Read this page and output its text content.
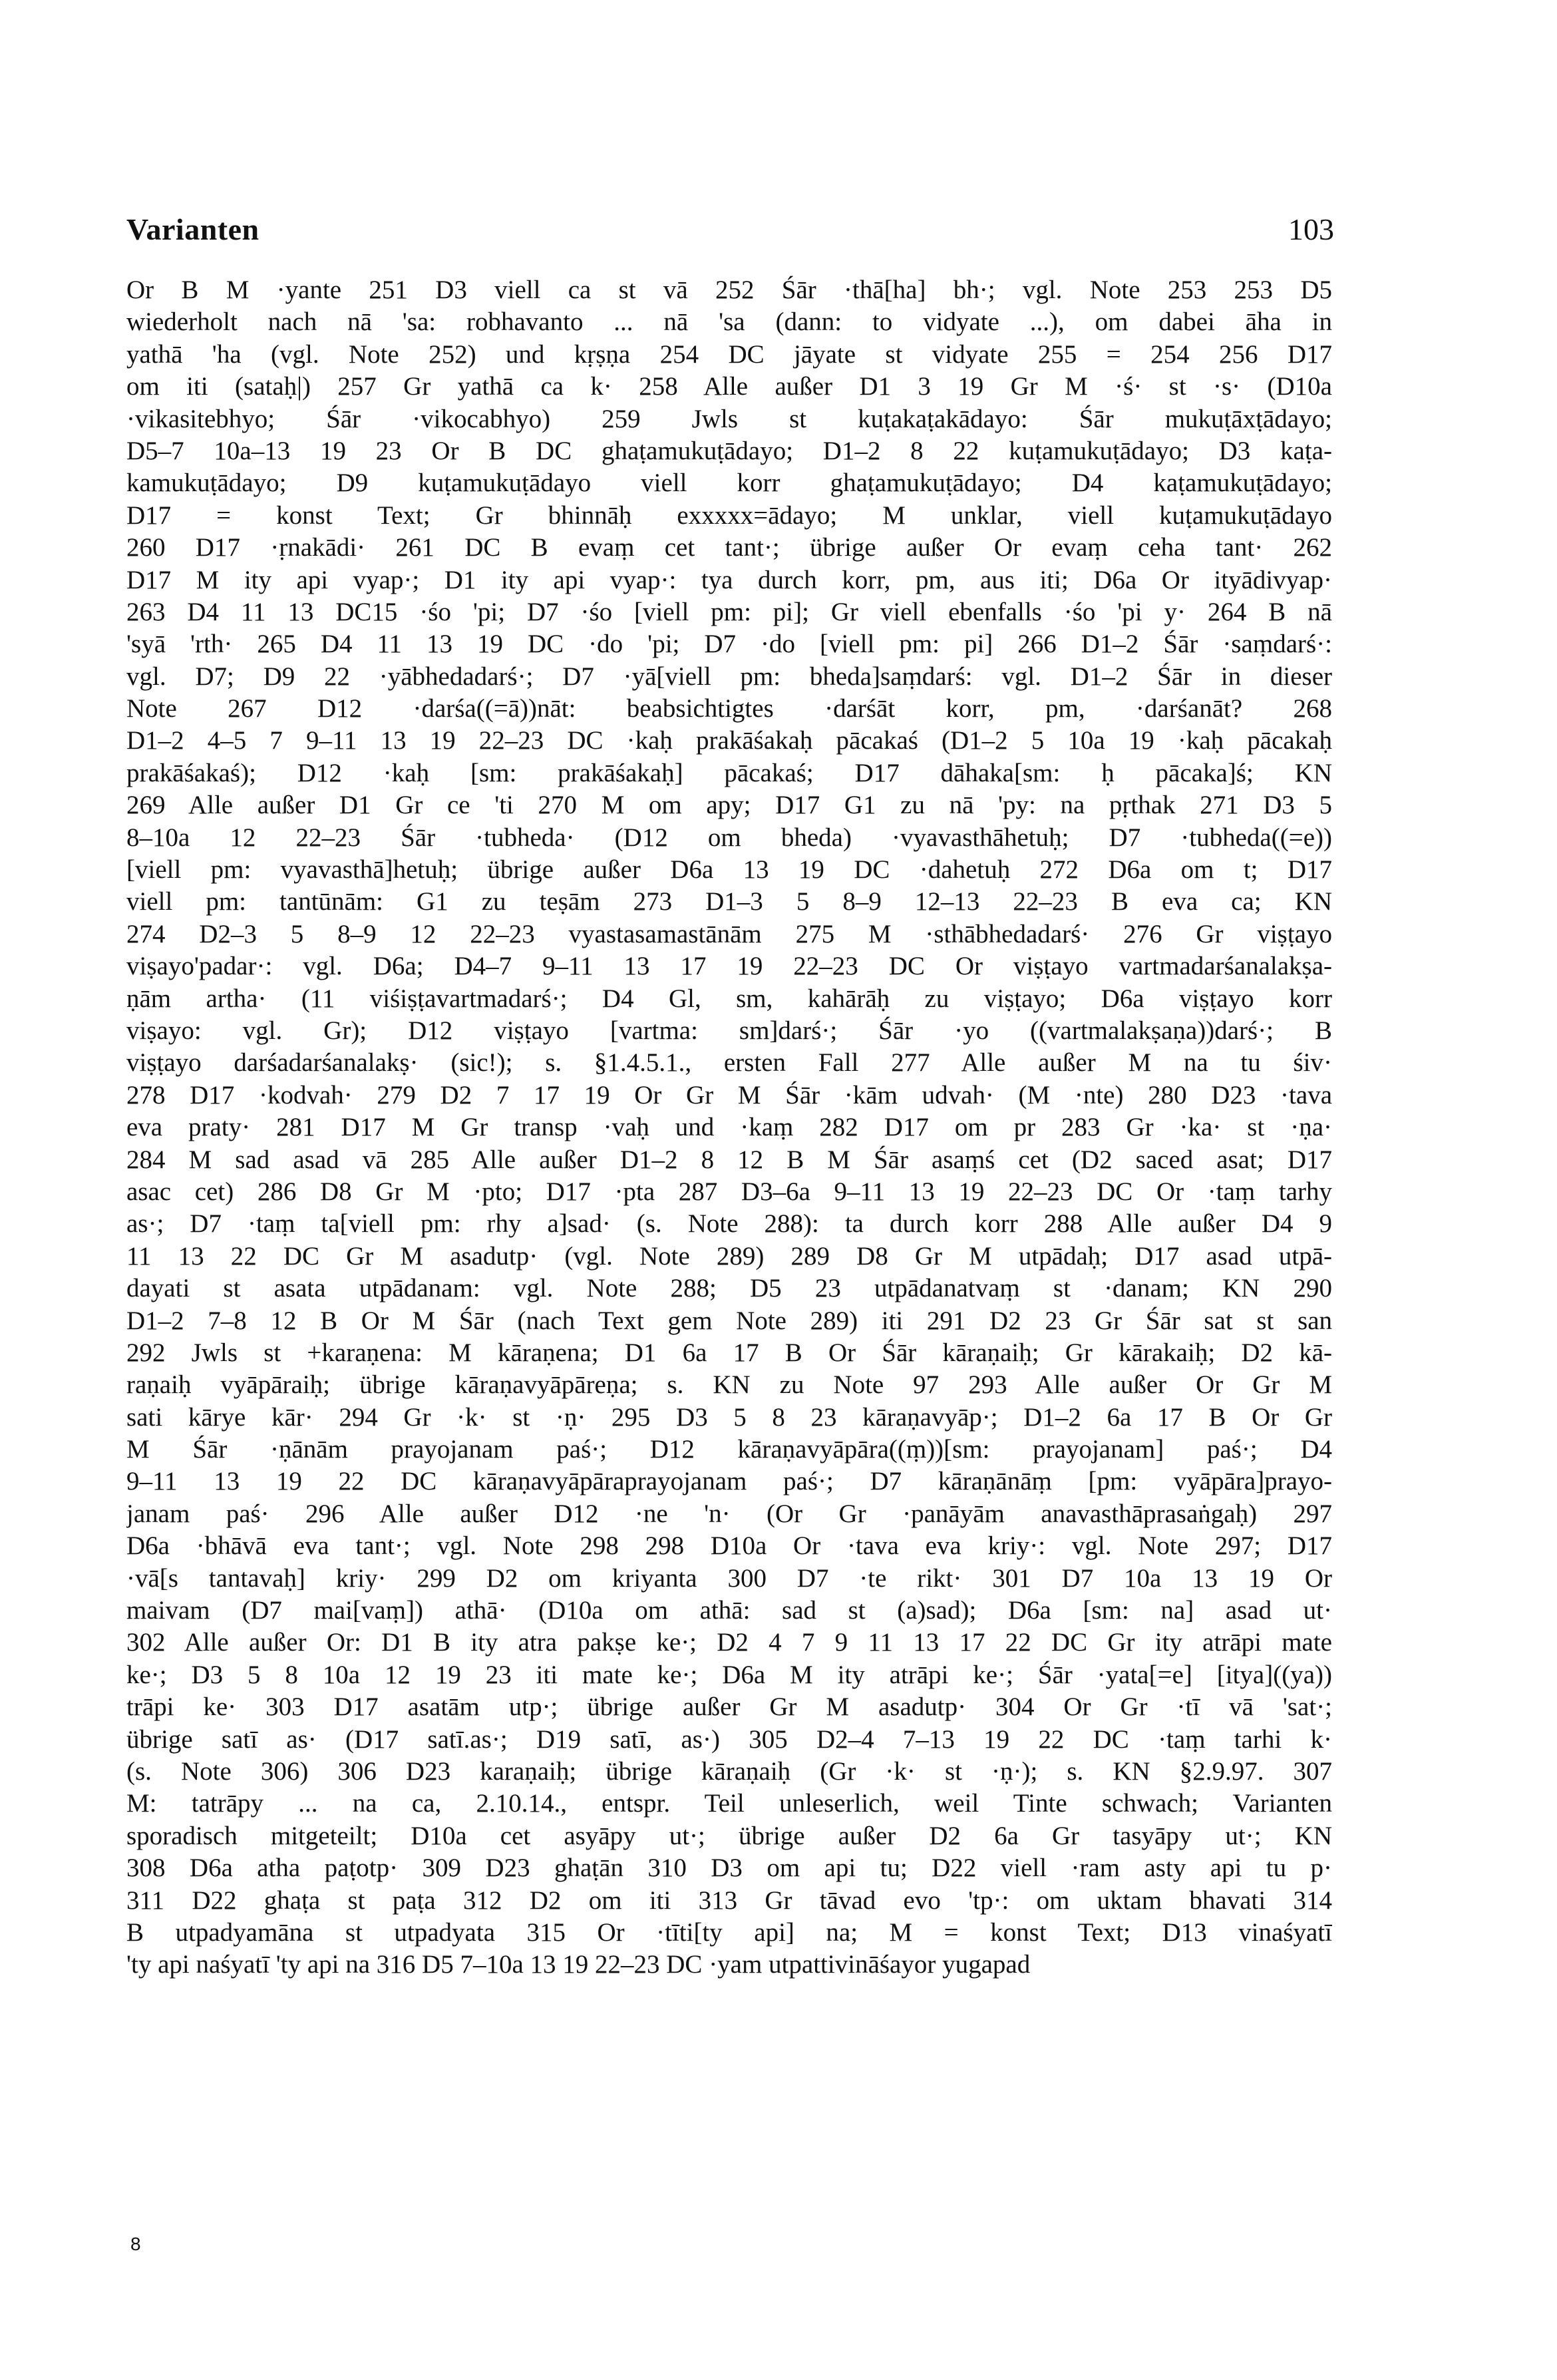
Varianten	103
Or B M ·yante 251 D3 viell ca st vā 252 Śār ·thā[ha] bh·; vgl. Note 253 253 D5
wiederholt nach nā 'sa: robhavanto ... nā 'sa (dann: to vidyate ...), om dabei āha in
yathā 'ha (vgl. Note 252) und kṛṣṇa 254 DC jāyate st vidyate 255 = 254 256 D17
om iti (sataḥ|) 257 Gr yathā ca k· 258 Alle außer D1 3 19 Gr M ·ś· st ·s· (D10a
·vikasitebhyo; Śār ·vikocabhyo) 259 Jwls st kuṭakaṭakādayo: Śār mukuṭāxṭādayo;
D5–7 10a–13 19 23 Or B DC ghaṭamukuṭādayo; D1–2 8 22 kuṭamukuṭādayo; D3 kaṭa-
kamukuṭādayo; D9 kuṭamukuṭādayo viell korr ghaṭamukuṭādayo; D4 kaṭamukuṭādayo;
D17 = konst Text; Gr bhinnāḥ exxxxx=ādayo; M unklar, viell kuṭamukuṭādayo
260 D17 ·ṛnakādi· 261 DC B evaṃ cet tant·; übrige außer Or evaṃ ceha tant· 262
D17 M ity api vyap·; D1 ity api vyap·: tya durch korr, pm, aus iti; D6a Or ityādivyap·
263 D4 11 13 DC15 ·śo 'pi; D7 ·śo [viell pm: pi]; Gr viell ebenfalls ·śo 'pi y· 264 B nā
'syā 'rth· 265 D4 11 13 19 DC ·do 'pi; D7 ·do [viell pm: pi] 266 D1–2 Śār ·saṃdarś·:
vgl. D7; D9 22 ·yābhedadarś·; D7 ·yā[viell pm: bheda]saṃdarś: vgl. D1–2 Śār in dieser
Note 267 D12 ·darśa((=ā))nāt: beabsichtigtes ·darśāt korr, pm, ·darśanāt? 268
D1–2 4–5 7 9–11 13 19 22–23 DC ·kaḥ prakāśakaḥ pācakaś (D1–2 5 10a 19 ·kaḥ pācakaḥ
prakāśakaś); D12 ·kaḥ [sm: prakāśakaḥ] pācakaś; D17 dāhaka[sm: ḥ pācaka]ś; KN
269 Alle außer D1 Gr ce 'ti 270 M om apy; D17 G1 zu nā 'py: na pṛthak 271 D3 5
8–10a 12 22–23 Śār ·tubheda· (D12 om bheda) ·vyavasthāhetuḥ; D7 ·tubheda((=e))
[viell pm: vyavasthā]hetuḥ; übrige außer D6a 13 19 DC ·dahetuḥ 272 D6a om t; D17
viell pm: tantūnām: G1 zu teṣām 273 D1–3 5 8–9 12–13 22–23 B eva ca; KN
274 D2–3 5 8–9 12 22–23 vyastasamastānām 275 M ·sthābhedadarś· 276 Gr viṣṭayo
viṣayo'padar·: vgl. D6a; D4–7 9–11 13 17 19 22–23 DC Or viṣṭayo vartmadarśanalakṣa-
ṇām artha· (11 viśiṣṭavartmadarś·; D4 Gl, sm, kahārāḥ zu viṣṭayo; D6a viṣṭayo korr
viṣayo: vgl. Gr); D12 viṣṭayo [vartma: sm]darś·; Śār ·yo ((vartmalakṣaṇa))darś·; B
viṣṭayo darśadarśanalakṣ· (sic!); s. §1.4.5.1., ersten Fall 277 Alle außer M na tu śiv·
278 D17 ·kodvah· 279 D2 7 17 19 Or Gr M Śār ·kām udvah· (M ·nte) 280 D23 ·tava
eva praty· 281 D17 M Gr transp ·vaḥ und ·kaṃ 282 D17 om pr 283 Gr ·ka· st ·ṇa·
284 M sad asad vā 285 Alle außer D1–2 8 12 B M Śār asaṃś cet (D2 saced asat; D17
asac cet) 286 D8 Gr M ·pto; D17 ·pta 287 D3–6a 9–11 13 19 22–23 DC Or ·taṃ tarhy
as·; D7 ·taṃ ta[viell pm: rhy a]sad· (s. Note 288): ta durch korr 288 Alle außer D4 9
11 13 22 DC Gr M asadutp· (vgl. Note 289) 289 D8 Gr M utpādaḥ; D17 asad utpā-
dayati st asata utpādanam: vgl. Note 288; D5 23 utpādanatvaṃ st ·danam; KN 290
D1–2 7–8 12 B Or M Śār (nach Text gem Note 289) iti 291 D2 23 Gr Śār sat st san
292 Jwls st +karaṇena: M kāraṇena; D1 6a 17 B Or Śār kāraṇaiḥ; Gr kārakaiḥ; D2 kā-
raṇaiḥ vyāpāraiḥ; übrige kāraṇavyāpāreṇa; s. KN zu Note 97 293 Alle außer Or Gr M
sati kārye kār· 294 Gr ·k· st ·ṇ· 295 D3 5 8 23 kāraṇavyāp·; D1–2 6a 17 B Or Gr
M Śār ·ṇānām prayojanam paś·; D12 kāraṇavyāpāra((ṃ))[sm: prayojanam] paś·; D4
9–11 13 19 22 DC kāraṇavyāpāraprayojanam paś·; D7 kāraṇānāṃ [pm: vyāpāra]prayo-
janam paś· 296 Alle außer D12 ·ne 'n· (Or Gr ·panāyām anavasthāprasaṅgaḥ) 297
D6a ·bhāvā eva tant·; vgl. Note 298 298 D10a Or ·tava eva kriy·: vgl. Note 297; D17
·vā[s tantavaḥ] kriy· 299 D2 om kriyanta 300 D7 ·te rikt· 301 D7 10a 13 19 Or
maivam (D7 mai[vaṃ]) athā· (D10a om athā: sad st (a)sad); D6a [sm: na] asad ut·
302 Alle außer Or: D1 B ity atra pakṣe ke·; D2 4 7 9 11 13 17 22 DC Gr ity atrāpi mate
ke·; D3 5 8 10a 12 19 23 iti mate ke·; D6a M ity atrāpi ke·; Śār ·yata[=e] [itya]((ya))
trāpi ke· 303 D17 asatām utp·; übrige außer Gr M asadutp· 304 Or Gr ·tī vā 'sat·;
übrige satī as· (D17 satī.as·; D19 satī, as·) 305 D2–4 7–13 19 22 DC ·taṃ tarhi k·
(s. Note 306) 306 D23 karaṇaiḥ; übrige kāraṇaiḥ (Gr ·k· st ·ṇ·); s. KN §2.9.97. 307
M: tatrāpy ... na ca, 2.10.14., entspr. Teil unleserlich, weil Tinte schwach; Varianten
sporadisch mitgeteilt; D10a cet asyāpy ut·; übrige außer D2 6a Gr tasyāpy ut·; KN
308 D6a atha paṭotp· 309 D23 ghaṭān 310 D3 om api tu; D22 viell ·ram asty api tu p·
311 D22 ghaṭa st paṭa 312 D2 om iti 313 Gr tāvad evo 'tp·: om uktam bhavati 314
B utpadyamāna st utpadyata 315 Or ·tīti[ty api] na; M = konst Text; D13 vinaśyatī
'ty api naśyatī 'ty api na 316 D5 7–10a 13 19 22–23 DC ·yam utpattivināśayor yugapad
8
